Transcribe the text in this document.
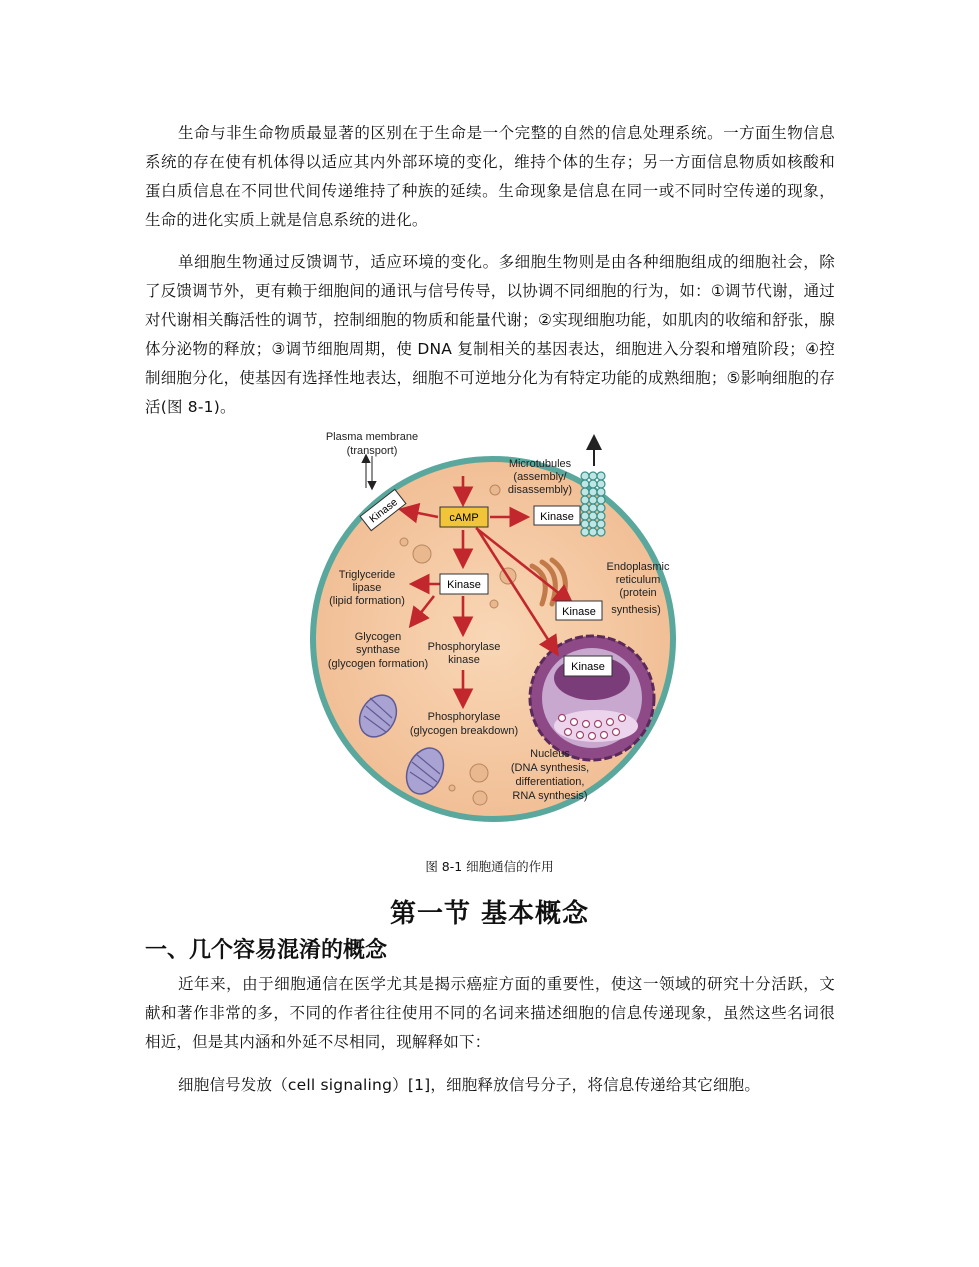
生命与非生命物质最显著的区别在于生命是一个完整的自然的信息处理系统。一方面生物信息系统的存在使有机体得以适应其内外部环境的变化，维持个体的生存；另一方面信息物质如核酸和蛋白质信息在不同世代间传递维持了种族的延续。生命现象是信息在同一或不同时空传递的现象，生命的进化实质上就是信息系统的进化。

单细胞生物通过反馈调节，适应环境的变化。多细胞生物则是由各种细胞组成的细胞社会，除了反馈调节外，更有赖于细胞间的通讯与信号传导，以协调不同细胞的行为，如：①调节代谢，通过对代谢相关酶活性的调节，控制细胞的物质和能量代谢；②实现细胞功能，如肌肉的收缩和舒张，腺体分泌物的释放；③调节细胞周期，使 DNA 复制相关的基因表达，细胞进入分裂和增殖阶段；④控制细胞分化，使基因有选择性地表达，细胞不可逆地分化为有特定功能的成熟细胞；⑤影响细胞的存活(图 8-1)。

cAMP
Kinase	Kinase
Kinase
Kinase
Kinase
Plasma membrane
(transport)
Microtubules
(assembly/
disassembly)
Triglyceride
lipase
(lipid formation)
Endoplasmic
reticulum
(protein
synthesis)
Glycogen
synthase
(glycogen formation)
Phosphorylase
kinase
Phosphorylase
(glycogen breakdown)
Nucleus
(DNA synthesis,
differentiation,
RNA synthesis)
图 8-1 细胞通信的作用
第一节 基本概念
一、几个容易混淆的概念

近年来，由于细胞通信在医学尤其是揭示癌症方面的重要性，使这一领域的研究十分活跃，文献和著作非常的多，不同的作者往往使用不同的名词来描述细胞的信息传递现象，虽然这些名词很相近，但是其内涵和外延不尽相同，现解释如下：

细胞信号发放（cell signaling）[1]，细胞释放信号分子，将信息传递给其它细胞。
